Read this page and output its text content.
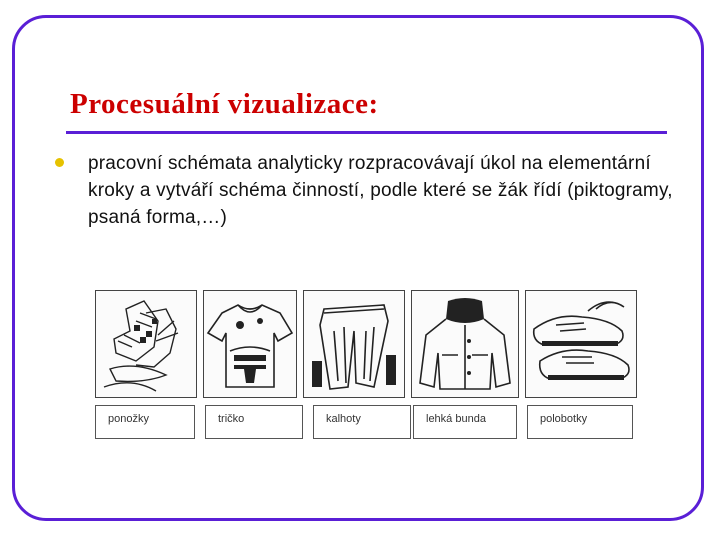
Procesuální vizualizace:

pracovní schémata analyticky rozpracovávají úkol na elementární kroky a vytváří schéma činností, podle které se žák řídí (piktogramy, psaná forma,…)

ponožky	tričko	kalhoty	lehká bunda	polobotky
